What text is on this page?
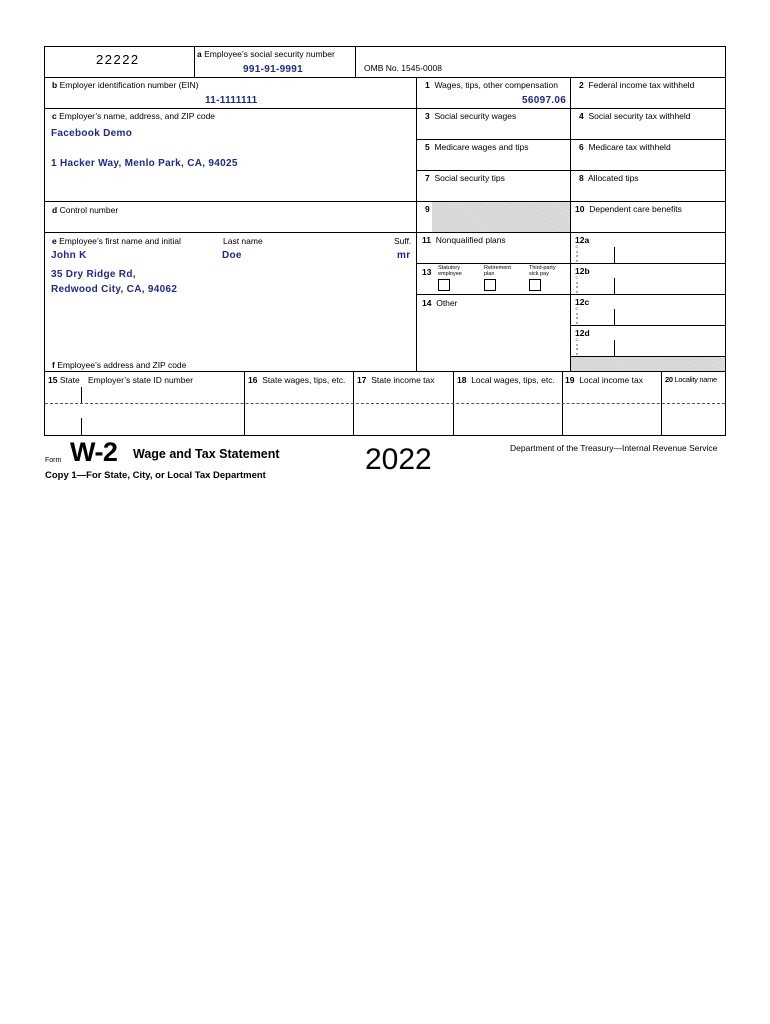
22222	a Employee’s social security number
991-91-9991	OMB No. 1545-0008
b Employer identification number (EIN)
11-1111111
c Employer’s name, address, and ZIP code
Facebook Demo
1 Hacker Way, Menlo Park, CA, 94025
d Control number
e Employee’s first name and initial	Last name	Suff.
John K	Doe	mr
35 Dry Ridge Rd,
Redwood City, CA, 94062
f Employee’s address and ZIP code
1 Wages, tips, other compensation
56097.06
2 Federal income tax withheld
3 Social security wages	4 Social security tax withheld
5 Medicare wages and tips	6 Medicare tax withheld
7 Social security tips	8 Allocated tips
9	10 Dependent care benefits
11 Nonqualified plans	12a
C
o
d
e
12b
C
o
d
e
12c
C
o
d
e
12d
C
o
d
e
13 Statutory
employee
Retirement
plan
Third-party
sick pay
14 Other
15 State Employer’s state ID number	16 State wages, tips, etc. 17 State income tax	18 Local wages, tips, etc. 19 Local income tax	20 Locality name
Form W-2 Wage and Tax Statement	2022	Department of the Treasury—Internal Revenue Service
Copy 1—For State, City, or Local Tax Department
